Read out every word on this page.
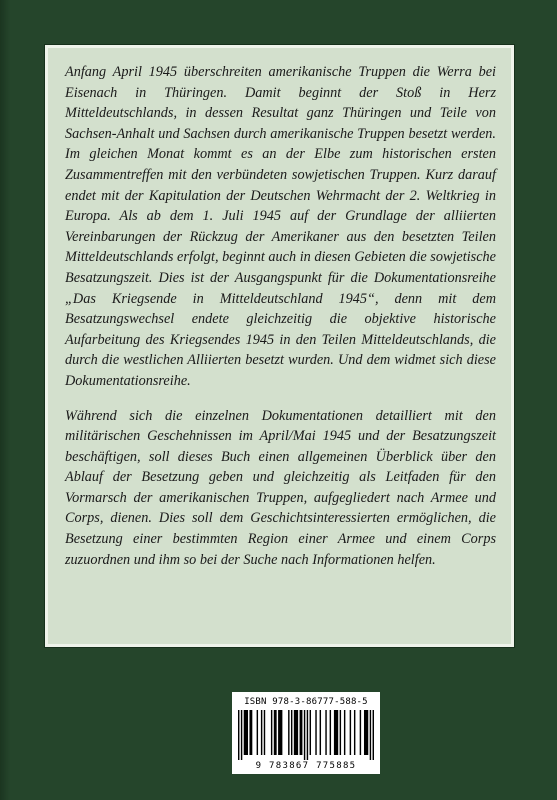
Anfang April 1945 überschreiten amerikanische Truppen die Werra bei Eisenach in Thüringen. Damit beginnt der Stoß in Herz Mitteldeutschlands, in dessen Resultat ganz Thüringen und Teile von Sachsen-Anhalt und Sachsen durch amerikanische Truppen besetzt werden. Im gleichen Monat kommt es an der Elbe zum historischen ersten Zusammentreffen mit den verbündeten sowjetischen Truppen. Kurz darauf endet mit der Kapitulation der Deutschen Wehrmacht der 2. Weltkrieg in Europa. Als ab dem 1. Juli 1945 auf der Grundlage der alliierten Vereinbarungen der Rückzug der Amerikaner aus den besetzten Teilen Mitteldeutschlands erfolgt, beginnt auch in diesen Gebieten die sowjetische Besatzungszeit. Dies ist der Ausgangspunkt für die Dokumentationsreihe „Das Kriegsende in Mitteldeutschland 1945“, denn mit dem Besatzungswechsel endete gleichzeitig die objektive historische Aufarbeitung des Kriegsendes 1945 in den Teilen Mitteldeutschlands, die durch die westlichen Alliierten besetzt wurden. Und dem widmet sich diese Dokumentationsreihe.

Während sich die einzelnen Dokumentationen detailliert mit den militärischen Geschehnissen im April/Mai 1945 und der Besatzungszeit beschäftigen, soll dieses Buch einen allgemeinen Überblick über den Ablauf der Besetzung geben und gleichzeitig als Leitfaden für den Vormarsch der amerikanischen Truppen, aufgegliedert nach Armee und Corps, dienen. Dies soll dem Geschichtsinteressierten ermöglichen, die Besetzung einer bestimmten Region einer Armee und einem Corps zuzuordnen und ihm so bei der Suche nach Informationen helfen.

ISBN 978-3-86777-588-5
9 783867 775885
